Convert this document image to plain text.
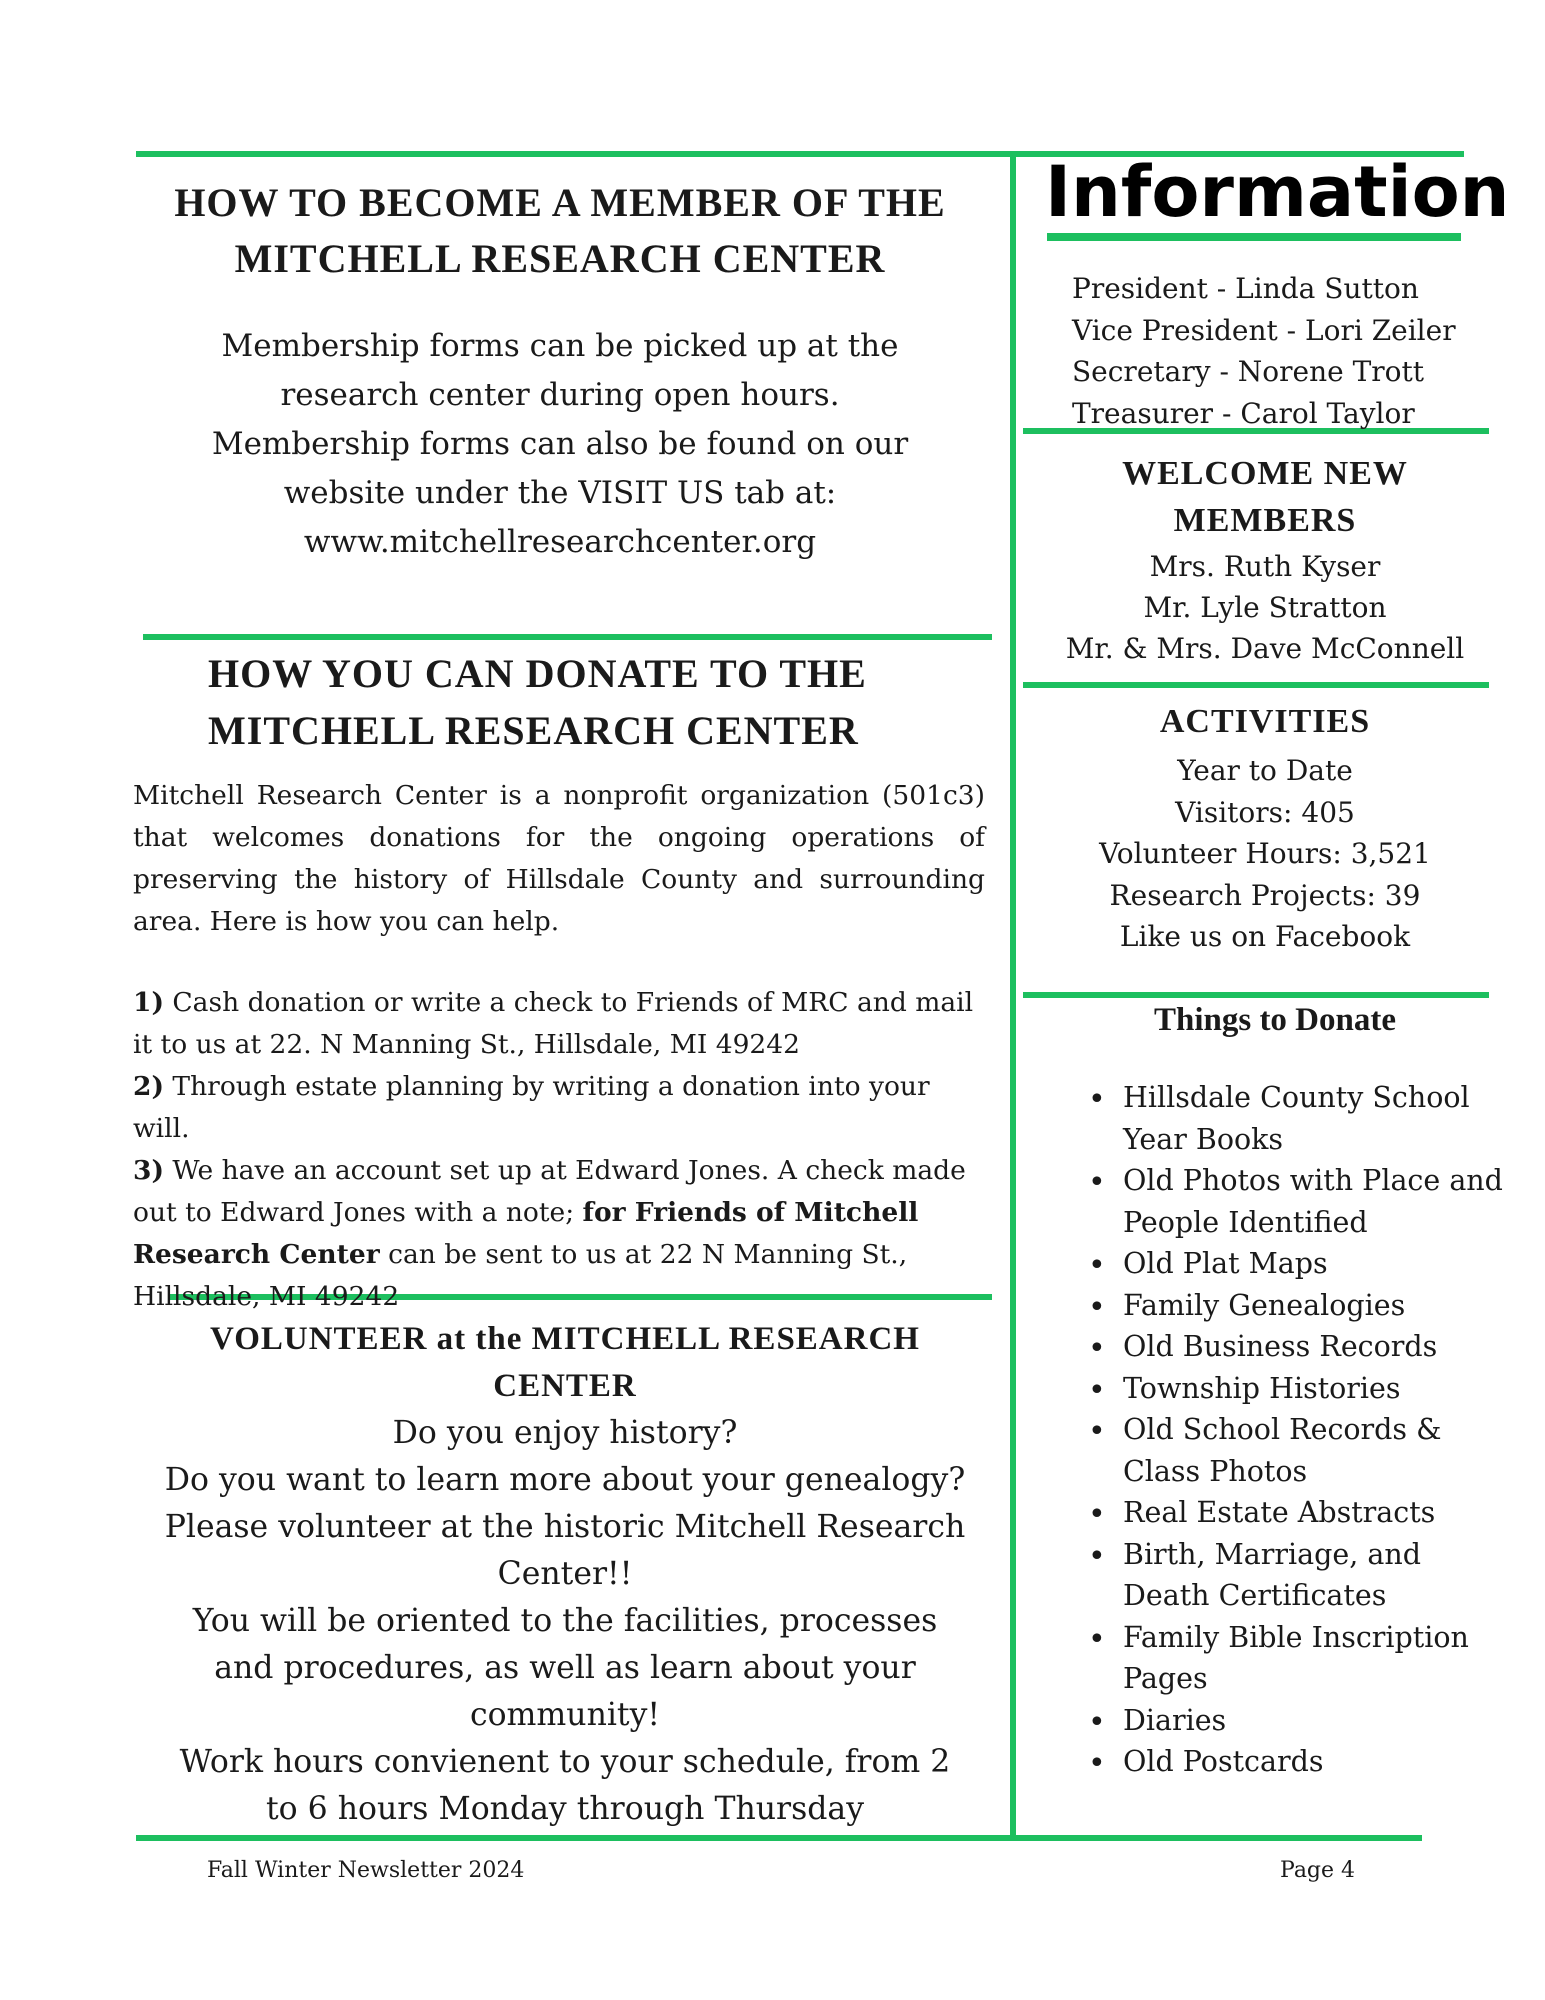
HOW TO BECOME A MEMBER OF THE MITCHELL RESEARCH CENTER
Membership forms can be picked up at the research center during open hours.
Membership forms can also be found on our website under the VISIT US tab at:
www.mitchellresearchcenter.org
HOW YOU CAN DONATE TO THE MITCHELL RESEARCH CENTER
Mitchell Research Center is a nonprofit organization (501c3) that welcomes donations for the ongoing operations of preserving the history of Hillsdale County and surrounding area. Here is how you can help.

1) Cash donation or write a check to Friends of MRC and mail it to us at 22. N Manning St., Hillsdale, MI 49242

2) Through estate planning by writing a donation into your will.

3) We have an account set up at Edward Jones. A check made out to Edward Jones with a note; for Friends of Mitchell Research Center can be sent to us at 22 N Manning St., Hillsdale, MI 49242

VOLUNTEER at the MITCHELL RESEARCH CENTER
Do you enjoy history?
Do you want to learn more about your genealogy?
Please volunteer at the historic Mitchell Research Center!!
You will be oriented to the facilities, processes and procedures, as well as learn about your community!
Work hours convienent to your schedule, from 2 to 6 hours Monday through Thursday
Information
President - Linda Sutton
Vice President - Lori Zeiler
Secretary - Norene Trott
Treasurer - Carol Taylor
WELCOME NEW MEMBERS
Mrs. Ruth Kyser
Mr. Lyle Stratton
Mr. & Mrs. Dave McConnell
ACTIVITIES
Year to Date
Visitors: 405
Volunteer Hours: 3,521
Research Projects: 39
Like us on Facebook
Things to Donate
• Hillsdale County School Year Books
• Old Photos with Place and People Identified
• Old Plat Maps
• Family Genealogies
• Old Business Records
• Township Histories
• Old School Records & Class Photos
• Real Estate Abstracts
• Birth, Marriage, and Death Certificates
• Family Bible Inscription Pages
• Diaries
• Old Postcards
Fall Winter Newsletter 2024	Page 4
